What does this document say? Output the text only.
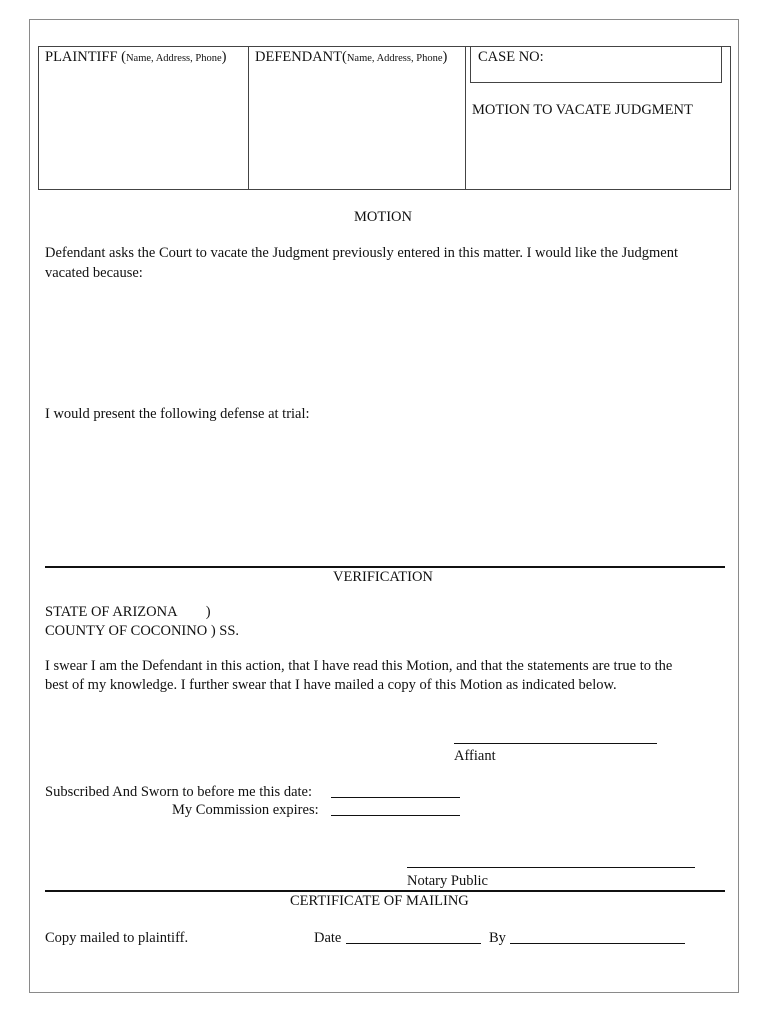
PLAINTIFF (Name, Address, Phone) DEFENDANT(Name, Address, Phone) CASE NO:
MOTION TO VACATE JUDGMENT
MOTION
Defendant asks the Court to vacate the Judgment previously entered in this matter. I would like the Judgment
vacated because:
I would present the following defense at trial:
VERIFICATION
STATE OF ARIZONA        )
COUNTY OF COCONINO ) SS.
I swear I am the Defendant in this action, that I have read this Motion, and that the statements are true to the
best of my knowledge. I further swear that I have mailed a copy of this Motion as indicated below.
Affiant
Subscribed And Sworn to before me this date:
My Commission expires:
Notary Public
CERTIFICATE OF MAILING
Copy mailed to plaintiff.	Date	By
